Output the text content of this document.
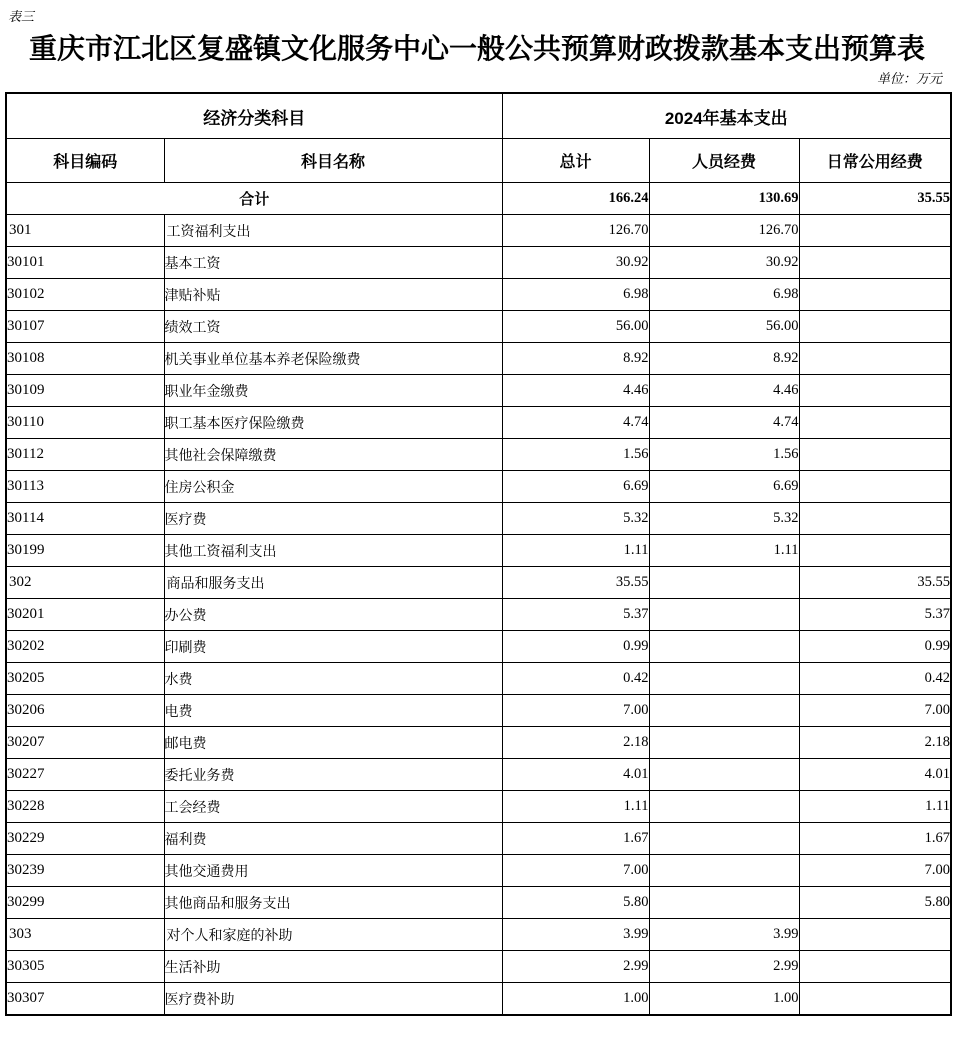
表三
重庆市江北区复盛镇文化服务中心一般公共预算财政拨款基本支出预算表
单位：万元
经济分类科目		2024年基本支出		
科目编码	科目名称	总计	人员经费	日常公用经费
合计		166.24	130.69	35.55
301	工资福利支出	126.70	126.70	
30101	基本工资	30.92	30.92	
30102	津贴补贴	6.98	6.98	
30107	绩效工资	56.00	56.00	
30108	机关事业单位基本养老保险缴费	8.92	8.92	
30109	职业年金缴费	4.46	4.46	
30110	职工基本医疗保险缴费	4.74	4.74	
30112	其他社会保障缴费	1.56	1.56	
30113	住房公积金	6.69	6.69	
30114	医疗费	5.32	5.32	
30199	其他工资福利支出	1.11	1.11	
302	商品和服务支出	35.55		35.55
30201	办公费	5.37		5.37
30202	印刷费	0.99		0.99
30205	水费	0.42		0.42
30206	电费	7.00		7.00
30207	邮电费	2.18		2.18
30227	委托业务费	4.01		4.01
30228	工会经费	1.11		1.11
30229	福利费	1.67		1.67
30239	其他交通费用	7.00		7.00
30299	其他商品和服务支出	5.80		5.80
303	对个人和家庭的补助	3.99	3.99	
30305	生活补助	2.99	2.99	
30307	医疗费补助	1.00	1.00	
